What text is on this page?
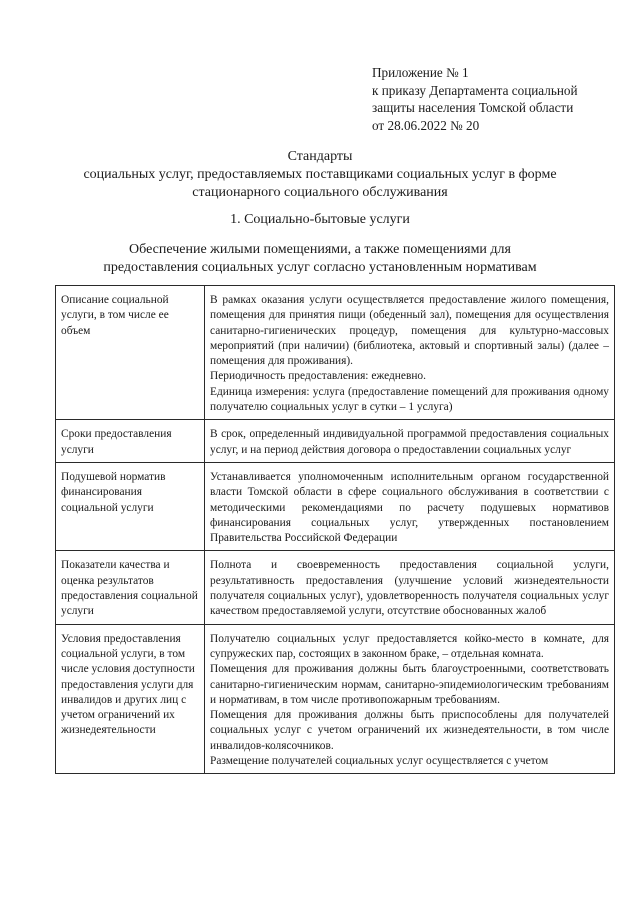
Приложение № 1
к приказу Департамента социальной
защиты населения Томской области
от 28.06.2022 № 20
Стандарты
социальных услуг, предоставляемых поставщиками социальных услуг в форме
стационарного социального обслуживания
1. Социально-бытовые услуги
Обеспечение жилыми помещениями, а также помещениями для
предоставления социальных услуг согласно установленным нормативам
Описание социальной услуги, в том числе ее объем	В рамках оказания услуги осуществляется предоставление жилого помещения, помещения для принятия пищи (обеденный зал), помещения для осуществления санитарно-гигиенических процедур, помещения для культурно-массовых мероприятий (при наличии) (библиотека, актовый и спортивный залы) (далее – помещения для проживания).
Периодичность предоставления: ежедневно.
Единица измерения: услуга (предоставление помещений для проживания одному получателю социальных услуг в сутки – 1 услуга)

Сроки предоставления услуги	В срок, определенный индивидуальной программой предоставления социальных услуг, и на период действия договора о предоставлении социальных услуг

Подушевой норматив финансирования социальной услуги	Устанавливается уполномоченным исполнительным органом государственной власти Томской области в сфере социального обслуживания в соответствии с методическими рекомендациями по расчету подушевых нормативов финансирования социальных услуг, утвержденных постановлением Правительства Российской Федерации

Показатели качества и оценка результатов предоставления социальной услуги	Полнота и своевременность предоставления социальной услуги, результативность предоставления (улучшение условий жизнедеятельности получателя социальных услуг), удовлетворенность получателя социальных услуг качеством предоставляемой услуги, отсутствие обоснованных жалоб

Условия предоставления социальной услуги, в том числе условия доступности предоставления услуги для инвалидов и других лиц с учетом ограничений их жизнедеятельности	Получателю социальных услуг предоставляется койко-место в комнате, для супружеских пар, состоящих в законном браке, – отдельная комната.
Помещения для проживания должны быть благоустроенными, соответствовать санитарно-гигиеническим нормам, санитарно-эпидемиологическим требованиям и нормативам, в том числе противопожарным требованиям.
Помещения для проживания должны быть приспособлены для получателей социальных услуг с учетом ограничений их жизнедеятельности, в том числе инвалидов-колясочников.
Размещение получателей социальных услуг осуществляется с учетом
